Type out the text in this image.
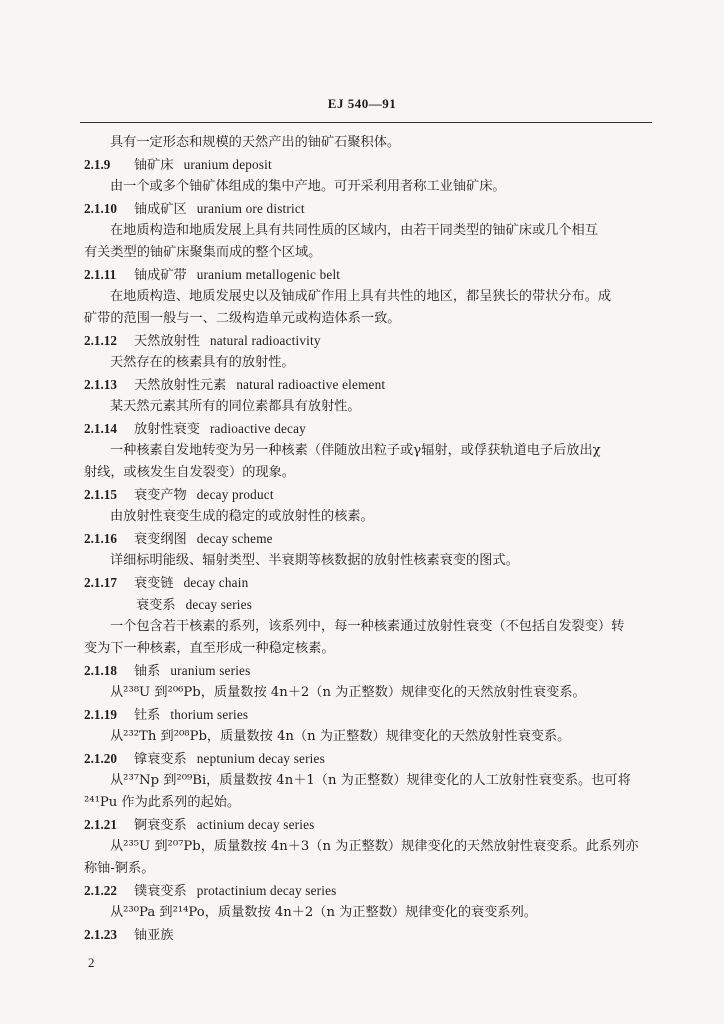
EJ 540—91
具有一定形态和规模的天然产出的铀矿石聚积体。
2.1.9 铀矿床 uranium deposit
由一个或多个铀矿体组成的集中产地。可开采利用者称工业铀矿床。
2.1.10 铀成矿区 uranium ore district
在地质构造和地质发展上具有共同性质的区域内，由若干同类型的铀矿床或几个相互
有关类型的铀矿床聚集而成的整个区域。
2.1.11 铀成矿带 uranium metallogenic belt
在地质构造、地质发展史以及铀成矿作用上具有共性的地区，都呈狭长的带状分布。成
矿带的范围一般与一、二级构造单元或构造体系一致。
2.1.12 天然放射性 natural radioactivity
天然存在的核素具有的放射性。
2.1.13 天然放射性元素 natural radioactive element
某天然元素其所有的同位素都具有放射性。
2.1.14 放射性衰变 radioactive decay
一种核素自发地转变为另一种核素（伴随放出粒子或γ辐射，或俘获轨道电子后放出χ
射线，或核发生自发裂变）的现象。
2.1.15 衰变产物 decay product
由放射性衰变生成的稳定的或放射性的核素。
2.1.16 衰变纲图 decay scheme
详细标明能级、辐射类型、半衰期等核数据的放射性核素衰变的图式。
2.1.17 衰变链 decay chain
衰变系 decay series
一个包含若干核素的系列，该系列中，每一种核素通过放射性衰变（不包括自发裂变）转
变为下一种核素，直至形成一种稳定核素。
2.1.18 铀系 uranium series
从²³⁸U 到²⁰⁶Pb，质量数按 4n＋2（n 为正整数）规律变化的天然放射性衰变系。
2.1.19 钍系 thorium series
从²³²Th 到²⁰⁸Pb，质量数按 4n（n 为正整数）规律变化的天然放射性衰变系。
2.1.20 镎衰变系 neptunium decay series
从²³⁷Np 到²⁰⁹Bi，质量数按 4n＋1（n 为正整数）规律变化的人工放射性衰变系。也可将
²⁴¹Pu 作为此系列的起始。
2.1.21 锕衰变系 actinium decay series
从²³⁵U 到²⁰⁷Pb，质量数按 4n＋3（n 为正整数）规律变化的天然放射性衰变系。此系列亦
称铀-锕系。
2.1.22 镤衰变系 protactinium decay series
从²³⁰Pa 到²¹⁴Po，质量数按 4n＋2（n 为正整数）规律变化的衰变系列。
2.1.23 铀亚族
2
